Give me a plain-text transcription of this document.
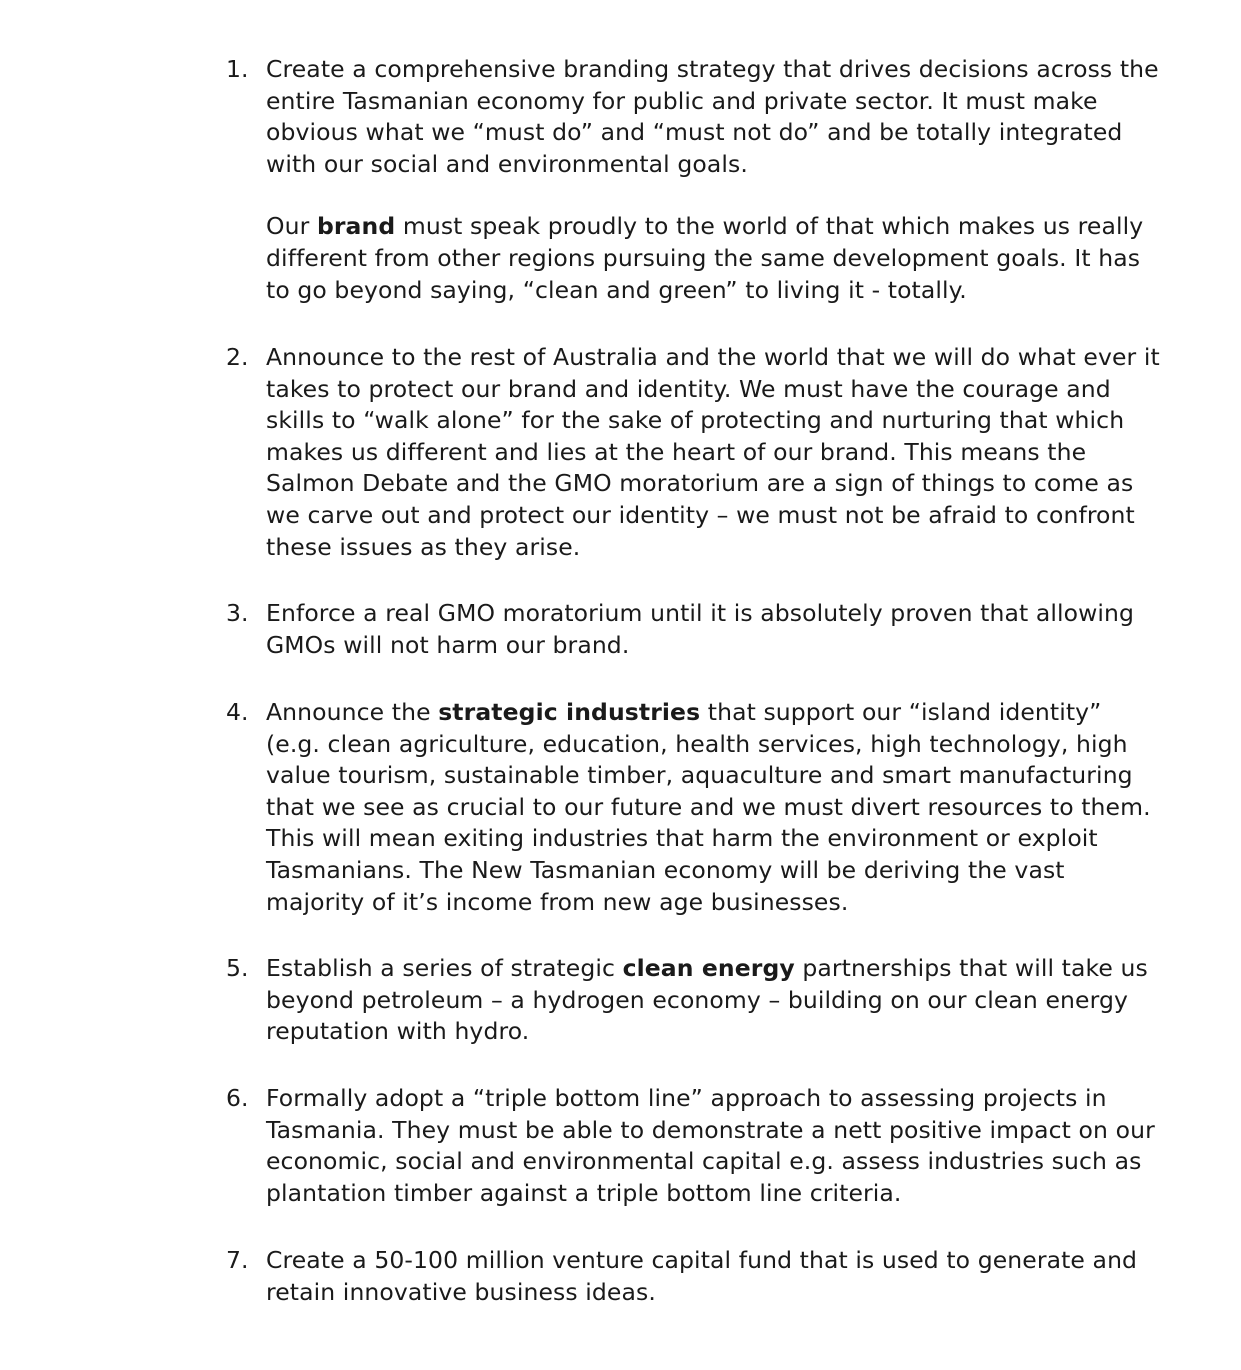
1. Create a comprehensive branding strategy that drives decisions across the entire Tasmanian economy for public and private sector. It must make obvious what we “must do” and “must not do” and be totally integrated with our social and environmental goals.

Our brand must speak proudly to the world of that which makes us really different from other regions pursuing the same development goals. It has to go beyond saying, “clean and green” to living it - totally.

2. Announce to the rest of Australia and the world that we will do what ever it takes to protect our brand and identity. We must have the courage and skills to “walk alone” for the sake of protecting and nurturing that which makes us different and lies at the heart of our brand. This means the Salmon Debate and the GMO moratorium are a sign of things to come as we carve out and protect our identity – we must not be afraid to confront these issues as they arise.

3. Enforce a real GMO moratorium until it is absolutely proven that allowing GMOs will not harm our brand.

4. Announce the strategic industries that support our “island identity” (e.g. clean agriculture, education, health services, high technology, high value tourism, sustainable timber, aquaculture and smart manufacturing that we see as crucial to our future and we must divert resources to them. This will mean exiting industries that harm the environment or exploit Tasmanians. The New Tasmanian economy will be deriving the vast majority of it’s income from new age businesses.

5. Establish a series of strategic clean energy partnerships that will take us beyond petroleum – a hydrogen economy – building on our clean energy reputation with hydro.

6. Formally adopt a “triple bottom line” approach to assessing projects in Tasmania. They must be able to demonstrate a nett positive impact on our economic, social and environmental capital e.g. assess industries such as plantation timber against a triple bottom line criteria.

7. Create a 50-100 million venture capital fund that is used to generate and retain innovative business ideas.
